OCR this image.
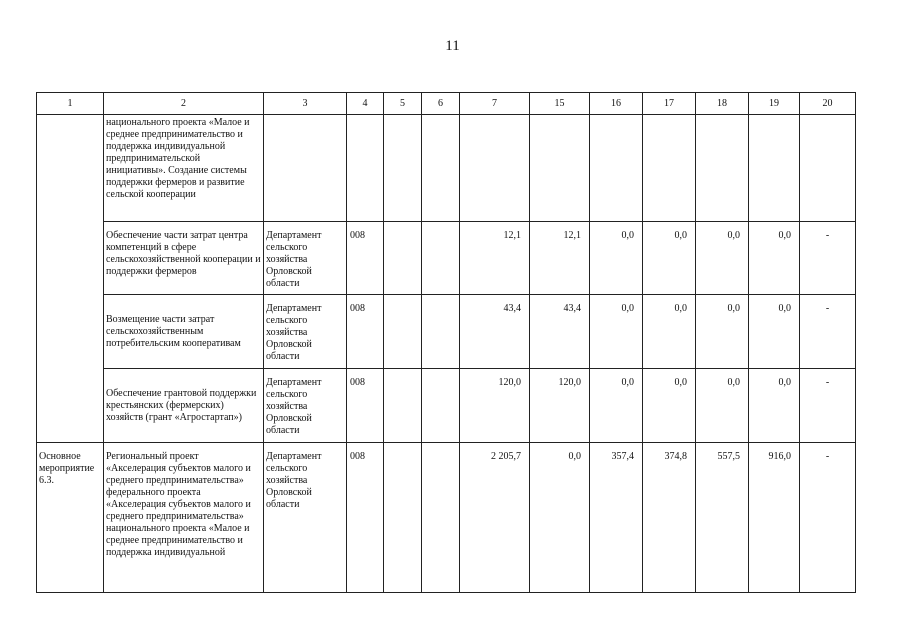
11
1	2	3	4	5	6	7	15	16	17	18	19	20
	национального проекта «Малое и среднее предпринимательство и поддержка индивидуальной предпринимательской инициативы». Создание системы поддержки фермеров и развитие сельской кооперации											
	Обеспечение части затрат центра компетенций в сфере сельскохозяйственной кооперации и поддержки фермеров	Департамент сельского хозяйства Орловской области	008			12,1	12,1	0,0	0,0	0,0	0,0	-
	Возмещение части затрат сельскохозяйственным потребительским кооперативам	Департамент сельского хозяйства Орловской области	008			43,4	43,4	0,0	0,0	0,0	0,0	-
	Обеспечение грантовой поддержки крестьянских (фермерских) хозяйств (грант «Агростартап»)	Департамент сельского хозяйства Орловской области	008			120,0	120,0	0,0	0,0	0,0	0,0	-
Основное мероприятие 6.3.	Региональный проект «Акселерация субъектов малого и среднего предпринимательства» федерального проекта «Акселерация субъектов малого и среднего предпринимательства» национального проекта «Малое и среднее предпринимательство и поддержка индивидуальной	Департамент сельского хозяйства Орловской области	008			2 205,7	0,0	357,4	374,8	557,5	916,0	-
